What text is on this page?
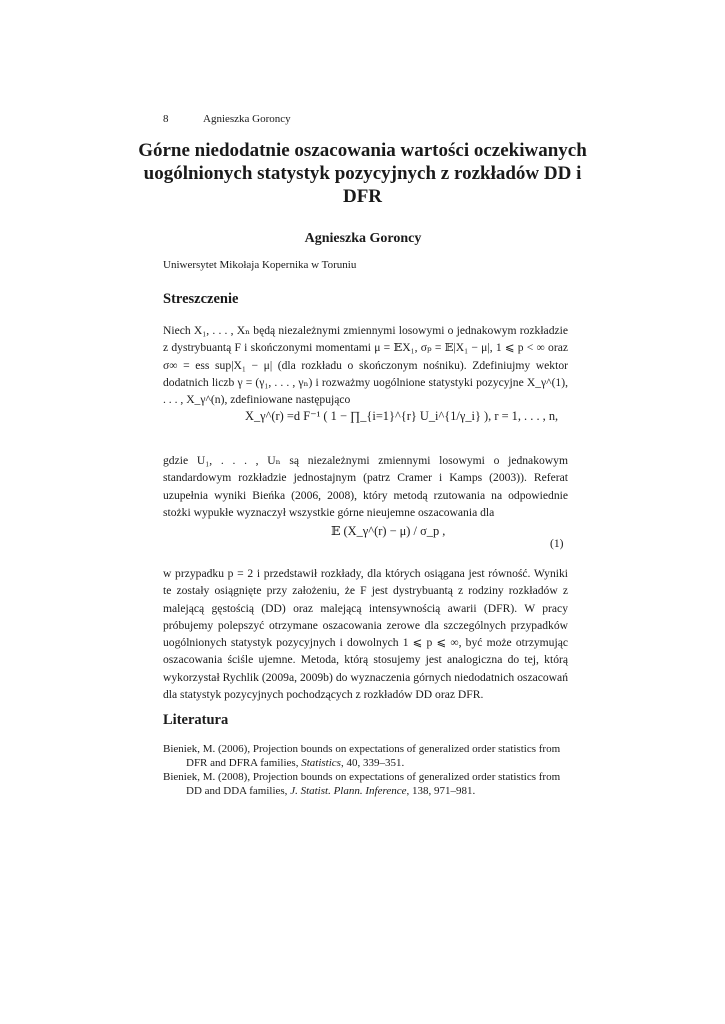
8	Agnieszka Goroncy
Górne niedodatnie oszacowania wartości oczekiwanych uogólnionych statystyk pozycyjnych z rozkładów DD i DFR
Agnieszka Goroncy
Uniwersytet Mikołaja Kopernika w Toruniu
Streszczenie
Niech X₁, . . . , Xₙ będą niezależnymi zmiennymi losowymi o jednakowym rozkładzie z dystrybuantą F i skończonymi momentami μ = 𝔼X₁, σₚ = 𝔼|X₁ − μ|, 1 ⩽ p < ∞ oraz σ∞ = ess sup|X₁ − μ| (dla rozkładu o skończonym nośniku). Zdefiniujmy wektor dodatnich liczb γ = (γ₁, . . . , γₙ) i rozważmy uogólnione statystyki pozycyjne X_γ^(1), . . . , X_γ^(n), zdefiniowane następująco
X_γ^(r) =d F⁻¹ ( 1 − ∏_{i=1}^{r} U_i^{1/γ_i} ), r = 1, . . . , n,
gdzie U₁, . . . , Uₙ są niezależnymi zmiennymi losowymi o jednakowym standardowym rozkładzie jednostajnym (patrz Cramer i Kamps (2003)). Referat uzupełnia wyniki Bieńka (2006, 2008), który metodą rzutowania na odpowiednie stożki wypukłe wyznaczył wszystkie górne nieujemne oszacowania dla
𝔼 (X_γ^(r) − μ) / σ_p ,
(1)
w przypadku p = 2 i przedstawił rozkłady, dla których osiągana jest równość. Wyniki te zostały osiągnięte przy założeniu, że F jest dystrybuantą z rodziny rozkładów z malejącą gęstością (DD) oraz malejącą intensywnością awarii (DFR). W pracy próbujemy polepszyć otrzymane oszacowania zerowe dla szczególnych przypadków uogólnionych statystyk pozycyjnych i dowolnych 1 ⩽ p ⩽ ∞, być może otrzymując oszacowania ściśle ujemne. Metoda, którą stosujemy jest analogiczna do tej, którą wykorzystał Rychlik (2009a, 2009b) do wyznaczenia górnych niedodatnich oszacowań dla statystyk pozycyjnych pochodzących z rozkładów DD oraz DFR.
Literatura
Bieniek, M. (2006), Projection bounds on expectations of generalized order statistics from DFR and DFRA families, Statistics, 40, 339–351.
Bieniek, M. (2008), Projection bounds on expectations of generalized order statistics from DD and DDA families, J. Statist. Plann. Inference, 138, 971–981.
